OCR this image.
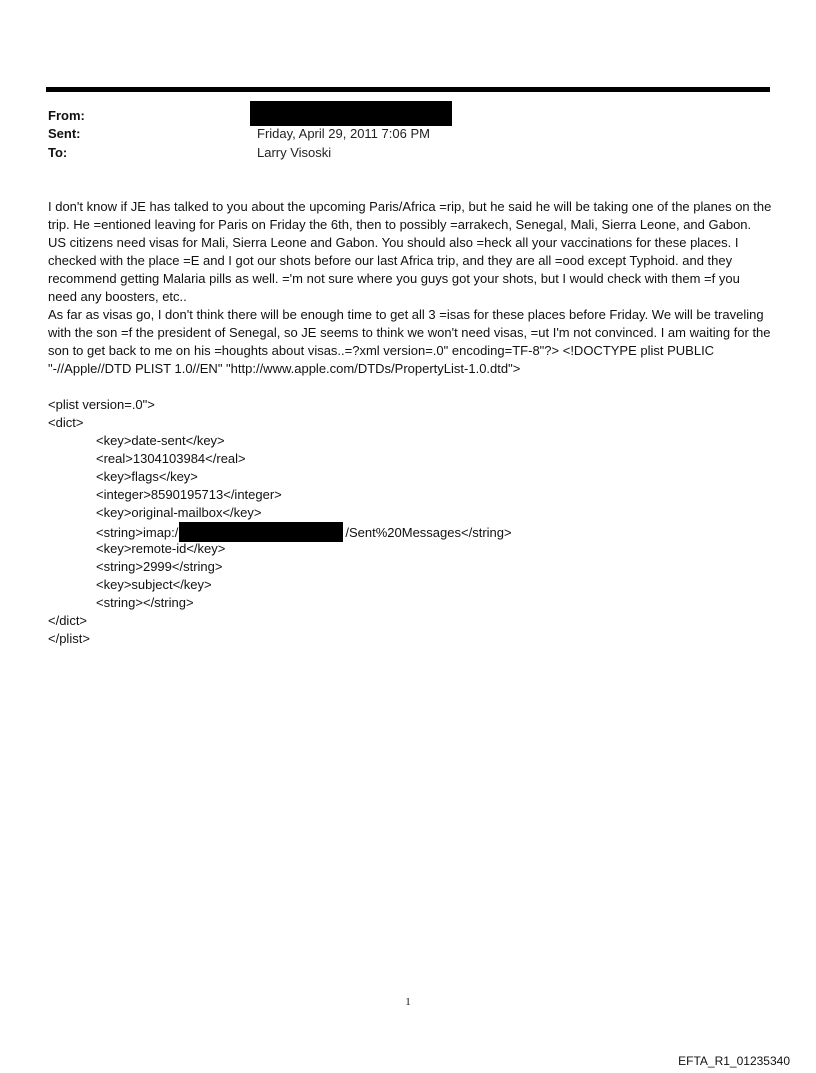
From:
Sent:	Friday, April 29, 2011 7:06 PM
To:	Larry Visoski

I don't know if JE has talked to you about the upcoming Paris/Africa =rip, but he said he will be taking one of the planes on the trip. He =entioned leaving for Paris on Friday the 6th, then to possibly =arrakech, Senegal, Mali, Sierra Leone, and Gabon.

US citizens need visas for Mali, Sierra Leone and Gabon. You should also =heck all your vaccinations for these places. I checked with the place =E and I got our shots before our last Africa trip, and they are all =ood except Typhoid. and they recommend getting Malaria pills as well. ='m not sure where you guys got your shots, but I would check with them =f you need any boosters, etc..

As far as visas go, I don't think there will be enough time to get all 3 =isas for these places before Friday. We will be traveling with the son =f the president of Senegal, so JE seems to think we won't need visas, =ut I'm not convinced. I am waiting for the son to get back to me on his =houghts about visas..=?xml version=.0" encoding=TF-8"?> <!DOCTYPE plist PUBLIC "-//Apple//DTD PLIST 1.0//EN" "http://www.apple.com/DTDs/PropertyList-1.0.dtd">

<plist version=.0">
<dict>
<key>date-sent</key>
<real>1304103984</real>
<key>flags</key>
<integer>8590195713</integer>
<key>original-mailbox</key>
<string>imap:/	/Sent%20Messages</string>
<key>remote-id</key>
<string>2999</string>
<key>subject</key>
<string></string>
</dict>
</plist>
1
EFTA_R1_01235340
